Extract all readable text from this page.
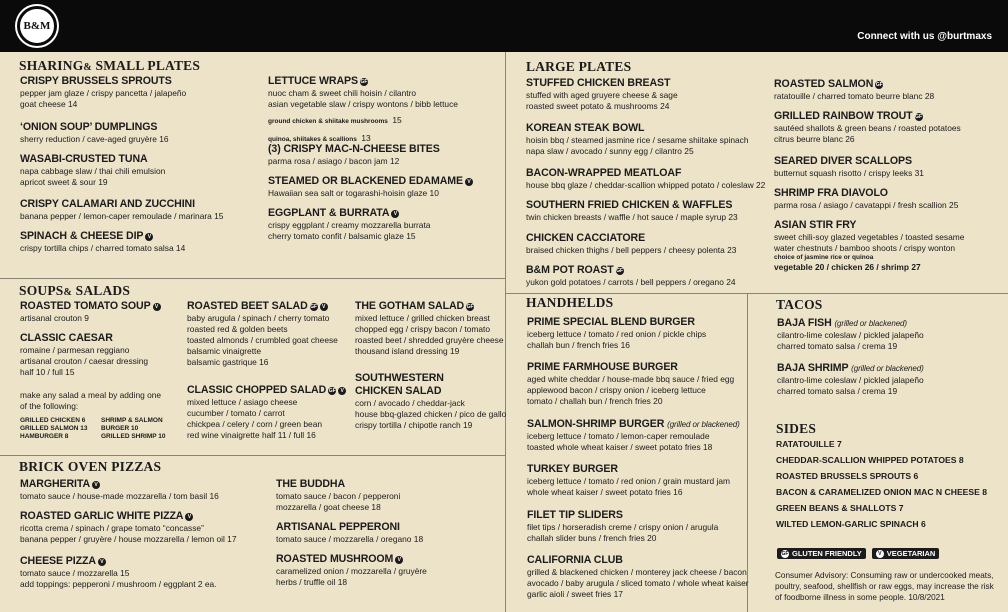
B&M
Connect with us @burtmaxs
SHARING& SMALL PLATES
SOUPS& SALADS
BRICK OVEN PIZZAS
LARGE PLATES
HANDHELDS	TACOS
SIDES
CRISPY BRUSSELS SPROUTS
pepper jam glaze / crispy pancetta / jalapeño
goat cheese 14
‘ONION SOUP’ DUMPLINGS
sherry reduction / cave-aged gruyère 16
WASABI-CRUSTED TUNA
napa cabbage slaw / thai chili emulsion
apricot sweet & sour 19
CRISPY CALAMARI AND ZUCCHINI
banana pepper / lemon-caper remoulade / marinara 15
SPINACH & CHEESE DIP V
crispy tortilla chips / charred tomato salsa 14
LETTUCE WRAPS GF
nuoc cham & sweet chili hoisin / cilantro
asian vegetable slaw / crispy wontons / bibb lettuce
ground chicken & shiitake mushrooms 15
quinoa, shiitakes & scallions 13
(3) CRISPY MAC-N-CHEESE BITES
parma rosa / asiago / bacon jam 12
STEAMED OR BLACKENED EDAMAME V
Hawaiian sea salt or togarashi-hoisin glaze 10
EGGPLANT & BURRATA V
crispy eggplant / creamy mozzarella burrata
cherry tomato confit / balsamic glaze 15
ROASTED TOMATO SOUP V
artisanal crouton 9
CLASSIC CAESAR
romaine / parmesan reggiano
artisanal crouton / caesar dressing
half 10 / full 15
make any salad a meal by adding one
of the following:
GRILLED CHICKEN 6	SHRIMP & SALMON
GRILLED SALMON 13	BURGER 10
HAMBURGER 8	GRILLED SHRIMP 10
ROASTED BEET SALAD GF V
baby arugula / spinach / cherry tomato
roasted red & golden beets
toasted almonds / crumbled goat cheese
balsamic vinaigrette
balsamic gastrique 16
CLASSIC CHOPPED SALAD GF V
mixed lettuce / asiago cheese
cucumber / tomato / carrot
chickpea / celery / corn / green bean
red wine vinaigrette half 11 / full 16
THE GOTHAM SALAD GF
mixed lettuce / grilled chicken breast
chopped egg / crispy bacon / tomato
roasted beet / shredded gruyère cheese
thousand island dressing 19
SOUTHWESTERN
CHICKEN SALAD
corn / avocado / cheddar-jack
house bbq-glazed chicken / pico de gallo
crispy tortilla / chipotle ranch 19
MARGHERITA V
tomato sauce / house-made mozzarella / tom basil 16
ROASTED GARLIC WHITE PIZZA V
ricotta crema / spinach / grape tomato “concasse”
banana pepper / gruyère / house mozzarella / lemon oil 17
CHEESE PIZZA V
tomato sauce / mozzarella 15
add toppings: pepperoni / mushroom / eggplant 2 ea.
THE BUDDHA
tomato sauce / bacon / pepperoni
mozzarella / goat cheese 18
ARTISANAL PEPPERONI
tomato sauce / mozzarella / oregano 18
ROASTED MUSHROOM V
caramelized onion / mozzarella / gruyère
herbs / truffle oil 18
STUFFED CHICKEN BREAST
stuffed with aged gruyere cheese & sage
roasted sweet potato & mushrooms 24
KOREAN STEAK BOWL
hoisin bbq / steamed jasmine rice / sesame shiitake spinach
napa slaw / avocado / sunny egg / cilantro 25
BACON-WRAPPED MEATLOAF
house bbq glaze / cheddar-scallion whipped potato / coleslaw 22
SOUTHERN FRIED CHICKEN & WAFFLES
twin chicken breasts / waffle / hot sauce / maple syrup 23
CHICKEN CACCIATORE
braised chicken thighs / bell peppers / cheesy polenta 23
B&M POT ROAST GF
yukon gold potatoes / carrots / bell peppers / oregano 24
ROASTED SALMON GF
ratatouille / charred tomato beurre blanc 28
GRILLED RAINBOW TROUT GF
sautéed shallots & green beans / roasted potatoes
citrus beurre blanc 26
SEARED DIVER SCALLOPS
butternut squash risotto / crispy leeks 31
SHRIMP FRA DIAVOLO
parma rosa / asiago / cavatappi / fresh scallion 25
ASIAN STIR FRY
sweet chili-soy glazed vegetables / toasted sesame
water chestnuts / bamboo shoots / crispy wonton
choice of jasmine rice or quinoa
vegetable 20 / chicken 26 / shrimp 27
PRIME SPECIAL BLEND BURGER
iceberg lettuce / tomato / red onion / pickle chips
challah bun / french fries 16
PRIME FARMHOUSE BURGER
aged white cheddar / house-made bbq sauce / fried egg
applewood bacon / crispy onion / iceberg lettuce
tomato / challah bun / french fries 20
SALMON-SHRIMP BURGER (grilled or blackened)
iceberg lettuce / tomato / lemon-caper remoulade
toasted whole wheat kaiser / sweet potato fries 18
TURKEY BURGER
iceberg lettuce / tomato / red onion / grain mustard jam
whole wheat kaiser / sweet potato fries 16
FILET TIP SLIDERS
filet tips / horseradish creme / crispy onion / arugula
challah slider buns / french fries 20
CALIFORNIA CLUB
grilled & blackened chicken / monterey jack cheese / bacon
avocado / baby arugula / sliced tomato / whole wheat kaiser
garlic aioli / sweet fries 17
BAJA FISH (grilled or blackened)
cilantro-lime coleslaw / pickled jalapeño
charred tomato salsa / crema 19
BAJA SHRIMP (grilled or blackened)
cilantro-lime coleslaw / pickled jalapeño
charred tomato salsa / crema 19
RATATOUILLE 7
CHEDDAR-SCALLION WHIPPED POTATOES 8
ROASTED BRUSSELS SPROUTS 6
BACON & CARAMELIZED ONION MAC N CHEESE 8
GREEN BEANS & SHALLOTS 7
WILTED LEMON-GARLIC SPINACH 6
GF GLUTEN FRIENDLY	V VEGETARIAN
Consumer Advisory: Consuming raw or undercooked meats, poultry, seafood, shellfish or raw eggs, may increase the risk of foodborne illness in some people. 10/8/2021
